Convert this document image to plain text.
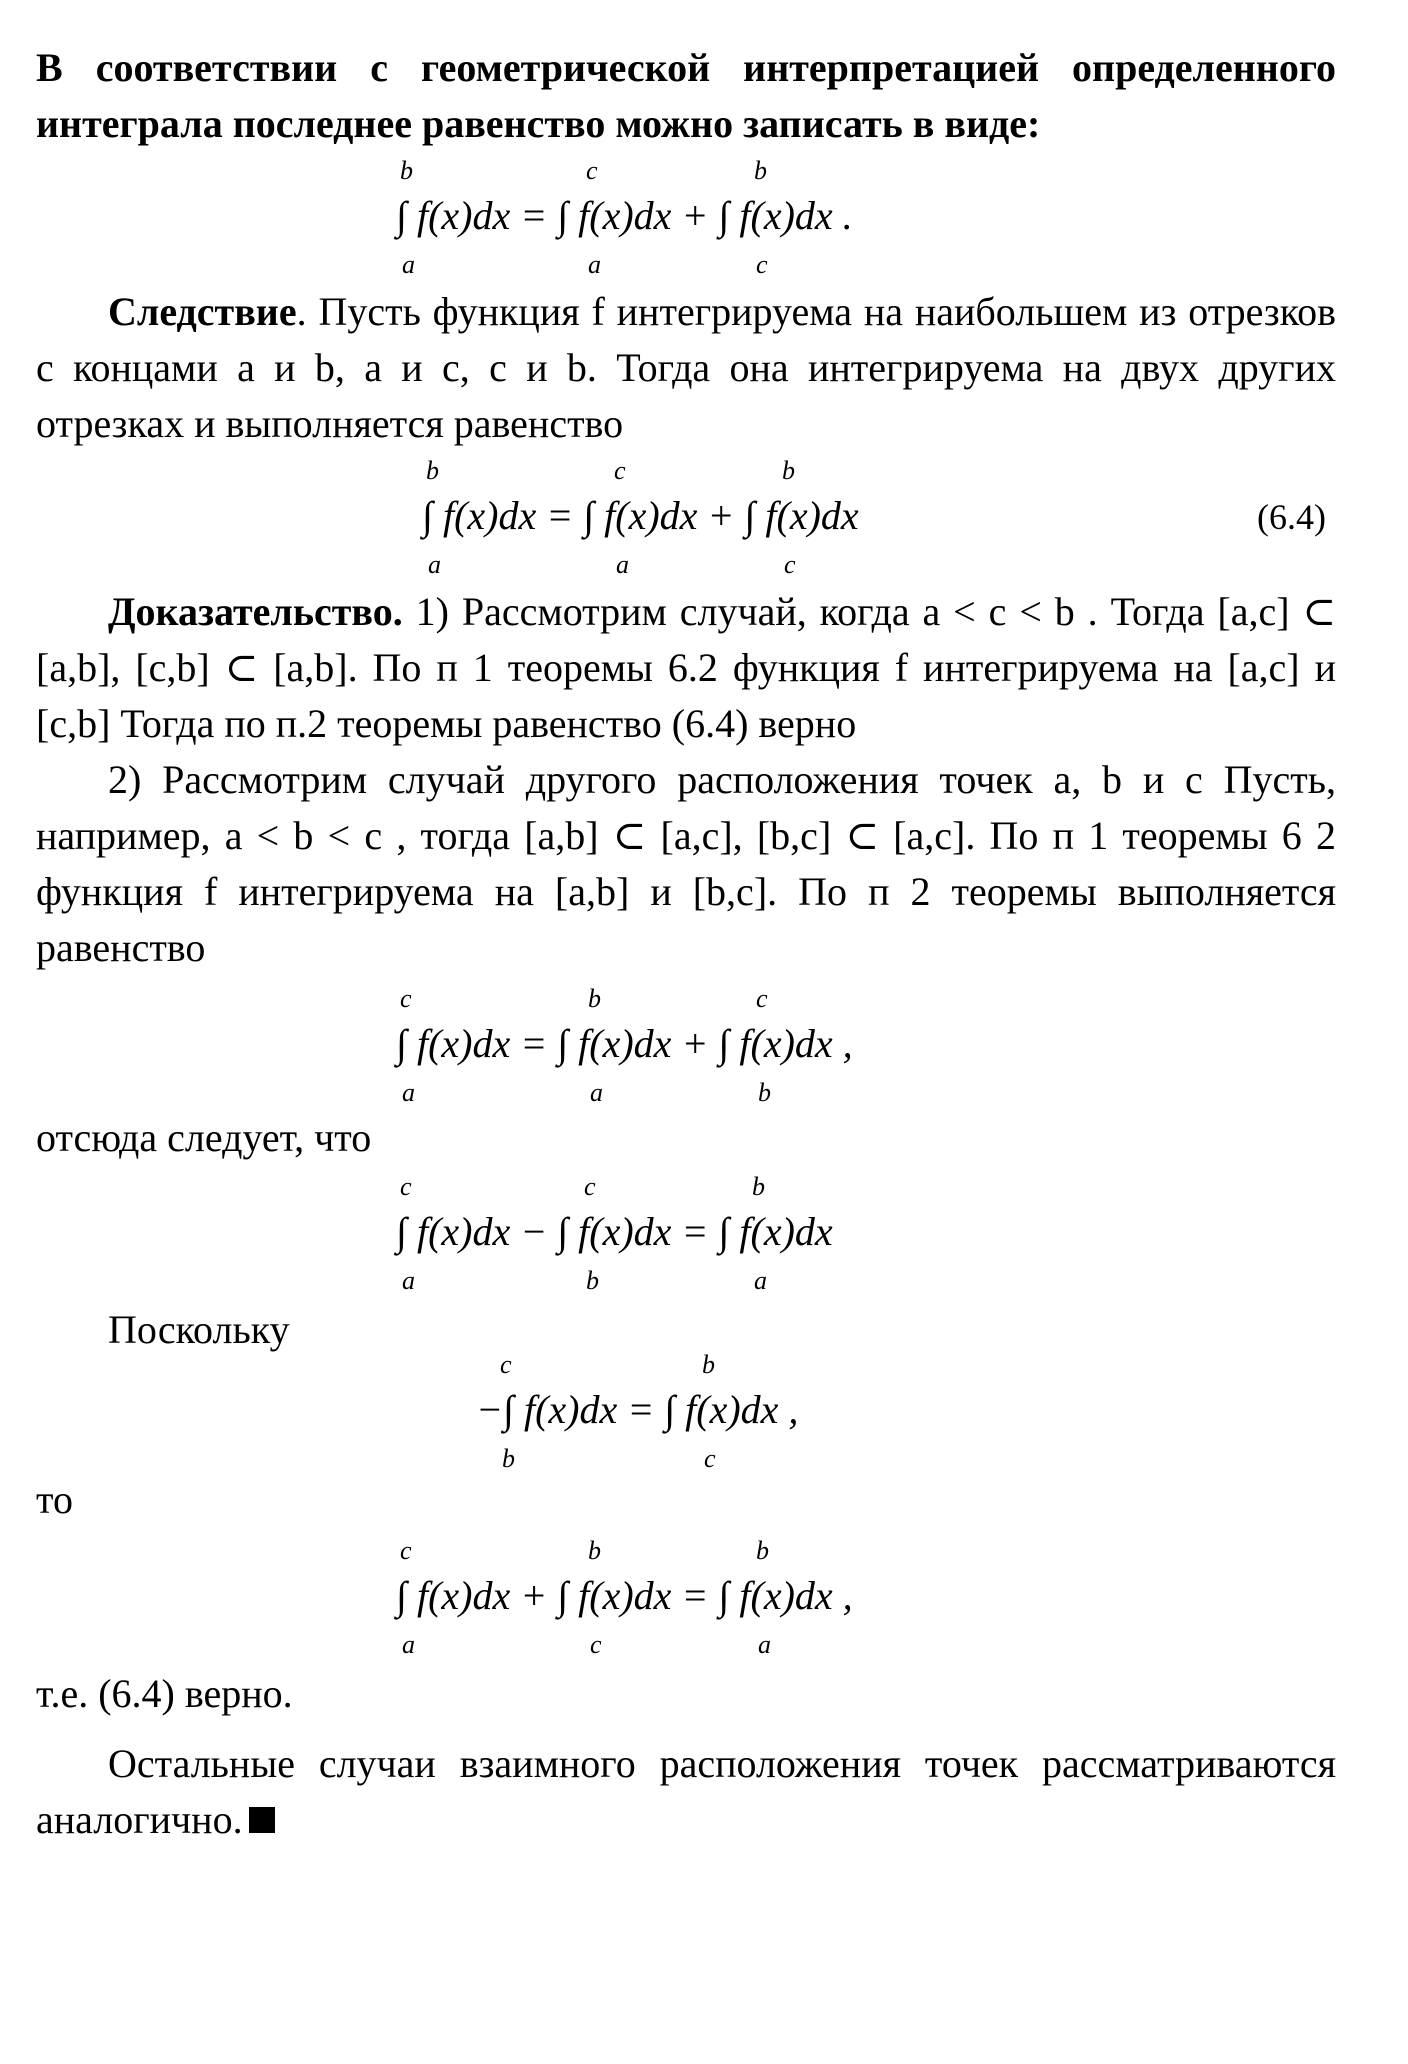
В соответствии с геометрической интерпретацией определенного интеграла последнее равенство можно записать в виде:

b
a
c
a
b
c
∫ f(x)dx = ∫ f(x)dx + ∫ f(x)dx .

Следствие. Пусть функция f интегрируема на наибольшем из отрезков с концами a и b, a и c, c и b. Тогда она интегрируема на двух других отрезках и выполняется равенство

b
a
c
a
b
c
∫ f(x)dx = ∫ f(x)dx + ∫ f(x)dx	(6.4)

Доказательство. 1) Рассмотрим случай, когда a < c < b . Тогда [a,c] ⊂ [a,b], [c,b] ⊂ [a,b]. По п 1 теоремы 6.2 функция f интегрируема на [a,c] и [c,b] Тогда по п.2 теоремы равенство (6.4) верно

2) Рассмотрим случай другого расположения точек a, b и c Пусть, например, a < b < c , тогда [a,b] ⊂ [a,c], [b,c] ⊂ [a,c]. По п 1 теоремы 6 2 функция f интегрируема на [a,b] и [b,c]. По п 2 теоремы выполняется равенство

c
a
b
a
c
b
∫ f(x)dx = ∫ f(x)dx + ∫ f(x)dx ,

отсюда следует, что

c
a
c
b
b
a
∫ f(x)dx − ∫ f(x)dx = ∫ f(x)dx

Поскольку

c
b
b
c
−∫ f(x)dx = ∫ f(x)dx ,

то

c
a
b
c
b
a
∫ f(x)dx + ∫ f(x)dx = ∫ f(x)dx ,

т.е. (6.4) верно.

Остальные случаи взаимного расположения точек рассматриваются аналогично.
